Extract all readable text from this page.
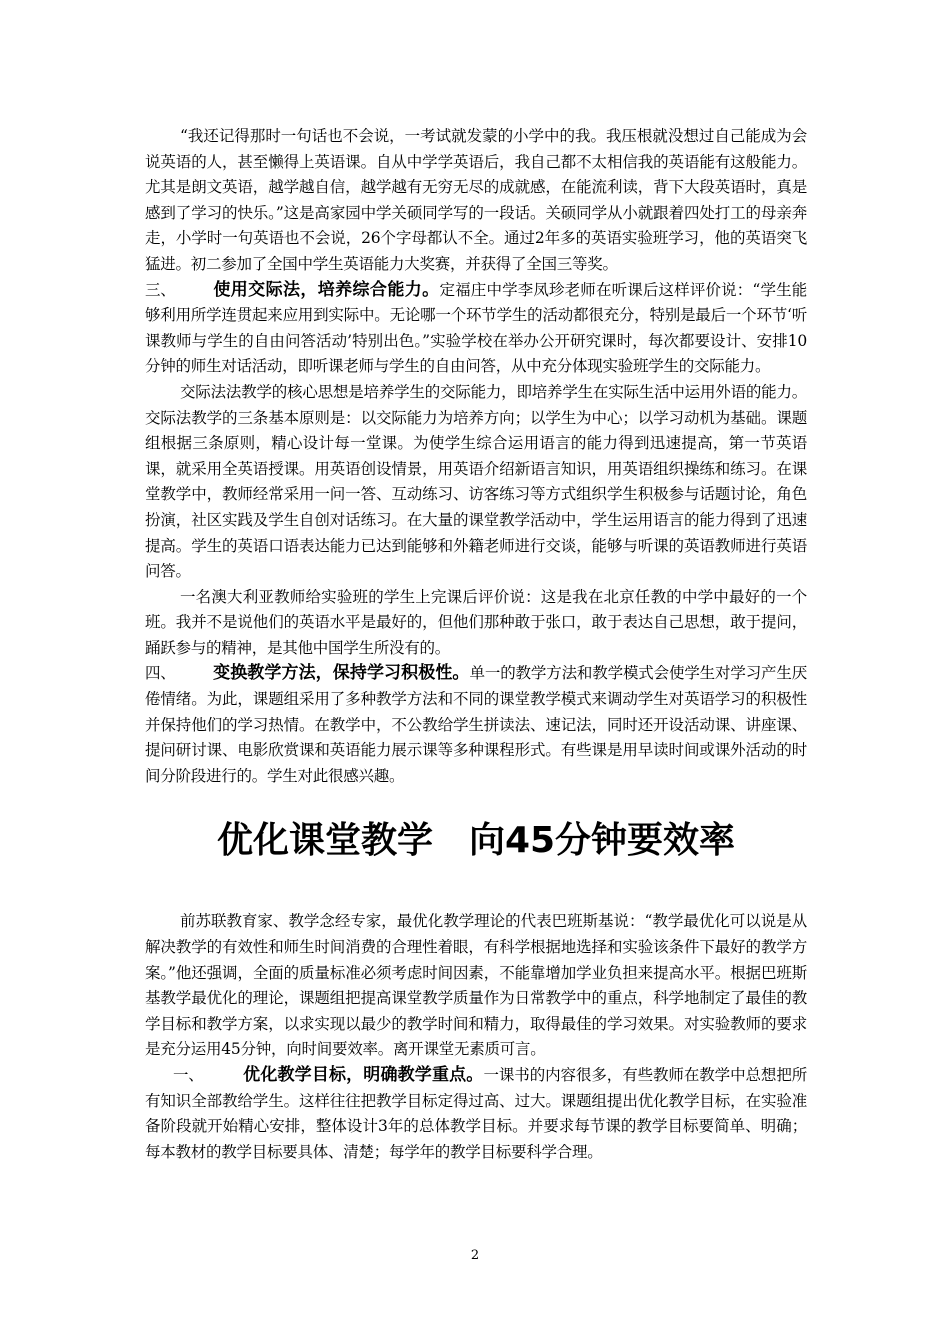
“我还记得那时一句话也不会说，一考试就发蒙的小学中的我。我压根就没想过自己能成为会说英语的人，甚至懒得上英语课。自从中学学英语后，我自己都不太相信我的英语能有这般能力。尤其是朗文英语，越学越自信，越学越有无穷无尽的成就感，在能流利读，背下大段英语时，真是感到了学习的快乐。”这是高家园中学关硕同学写的一段话。关硕同学从小就跟着四处打工的母亲奔走，小学时一句英语也不会说，26个字母都认不全。通过2年多的英语实验班学习，他的英语突飞猛进。初二参加了全国中学生英语能力大奖赛，并获得了全国三等奖。

三、 使用交际法，培养综合能力。定福庄中学李凤珍老师在听课后这样评价说：“学生能够利用所学连贯起来应用到实际中。无论哪一个环节学生的活动都很充分，特别是最后一个环节‘听课教师与学生的自由问答活动’特别出色。”实验学校在举办公开研究课时，每次都要设计、安排10分钟的师生对话活动，即听课老师与学生的自由问答，从中充分体现实验班学生的交际能力。

交际法法教学的核心思想是培养学生的交际能力，即培养学生在实际生活中运用外语的能力。交际法教学的三条基本原则是：以交际能力为培养方向；以学生为中心；以学习动机为基础。课题组根据三条原则，精心设计每一堂课。为使学生综合运用语言的能力得到迅速提高，第一节英语课，就采用全英语授课。用英语创设情景，用英语介绍新语言知识，用英语组织操练和练习。在课堂教学中，教师经常采用一问一答、互动练习、访客练习等方式组织学生积极参与话题讨论，角色扮演，社区实践及学生自创对话练习。在大量的课堂教学活动中，学生运用语言的能力得到了迅速提高。学生的英语口语表达能力已达到能够和外籍老师进行交谈，能够与听课的英语教师进行英语问答。

一名澳大利亚教师给实验班的学生上完课后评价说：这是我在北京任教的中学中最好的一个班。我并不是说他们的英语水平是最好的，但他们那种敢于张口，敢于表达自己思想，敢于提问，踊跃参与的精神，是其他中国学生所没有的。

四、 变换教学方法，保持学习积极性。单一的教学方法和教学模式会使学生对学习产生厌倦情绪。为此，课题组采用了多种教学方法和不同的课堂教学模式来调动学生对英语学习的积极性并保持他们的学习热情。在教学中，不公教给学生拼读法、速记法，同时还开设活动课、讲座课、提问研讨课、电影欣赏课和英语能力展示课等多种课程形式。有些课是用早读时间或课外活动的时间分阶段进行的。学生对此很感兴趣。

优化课堂教学　向45分钟要效率

前苏联教育家、教学念经专家，最优化教学理论的代表巴班斯基说：“教学最优化可以说是从解决教学的有效性和师生时间消费的合理性着眼，有科学根据地选择和实验该条件下最好的教学方案。”他还强调，全面的质量标准必须考虑时间因素，不能靠增加学业负担来提高水平。根据巴班斯基教学最优化的理论，课题组把提高课堂教学质量作为日常教学中的重点，科学地制定了最佳的教学目标和教学方案，以求实现以最少的教学时间和精力，取得最佳的学习效果。对实验教师的要求是充分运用45分钟，向时间要效率。离开课堂无素质可言。

一、 优化教学目标，明确教学重点。一课书的内容很多，有些教师在教学中总想把所有知识全部教给学生。这样往往把教学目标定得过高、过大。课题组提出优化教学目标，在实验准备阶段就开始精心安排，整体设计3年的总体教学目标。并要求每节课的教学目标要简单、明确；每本教材的教学目标要具体、清楚；每学年的教学目标要科学合理。

2
